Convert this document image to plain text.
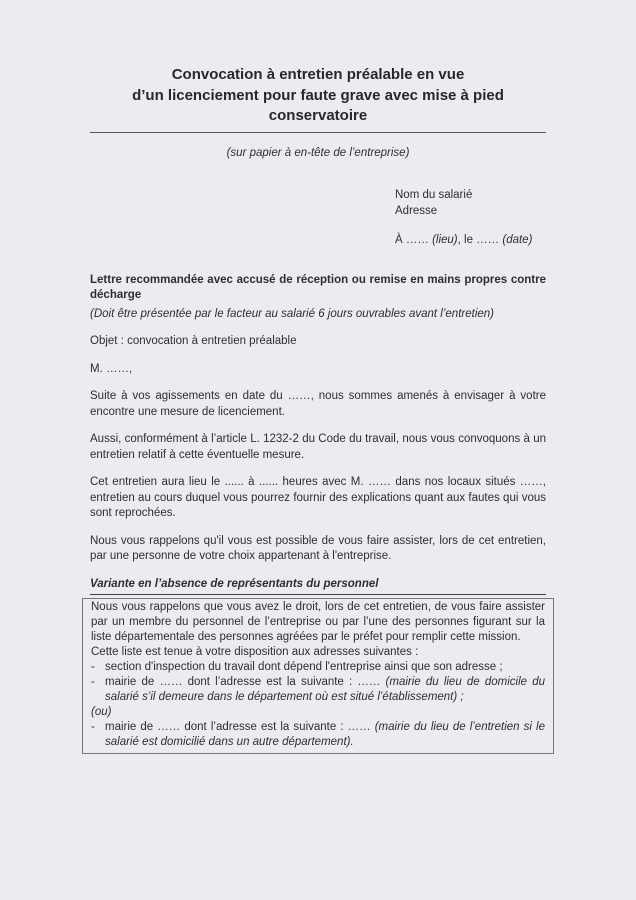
Convocation à entretien préalable en vue
d’un licenciement pour faute grave avec mise à pied
conservatoire
(sur papier à en-tête de l’entreprise)
Nom du salarié
Adresse
À …… (lieu), le …… (date)

Lettre recommandée avec accusé de réception ou remise en mains propres contre décharge

(Doit être présentée par le facteur au salarié 6 jours ouvrables avant l’entretien)

Objet : convocation à entretien préalable

M. ……,

Suite à vos agissements en date du ……, nous sommes amenés à envisager à votre encontre une mesure de licenciement.

Aussi, conformément à l’article L. 1232-2 du Code du travail, nous vous convoquons à un entretien relatif à cette éventuelle mesure.

Cet entretien aura lieu le ...... à ...... heures avec M. …… dans nos locaux situés ……, entretien au cours duquel vous pourrez fournir des explications quant aux fautes qui vous sont reprochées.

Nous vous rappelons qu'il vous est possible de vous faire assister, lors de cet entretien, par une personne de votre choix appartenant à l'entreprise.

Variante en l’absence de représentants du personnel

Nous vous rappelons que vous avez le droit, lors de cet entretien, de vous faire assister par un membre du personnel de l’entreprise ou par l’une des personnes figurant sur la liste départementale des personnes agréées par le préfet pour remplir cette mission.

Cette liste est tenue à votre disposition aux adresses suivantes :

- section d'inspection du travail dont dépend l'entreprise ainsi que son adresse ;
- mairie de …… dont l’adresse est la suivante : …… (mairie du lieu de domicile du salarié s’il demeure dans le département où est situé l’établissement) ;

(ou)

- mairie de …… dont l’adresse est la suivante : …… (mairie du lieu de l’entretien si le salarié est domicilié dans un autre département).
